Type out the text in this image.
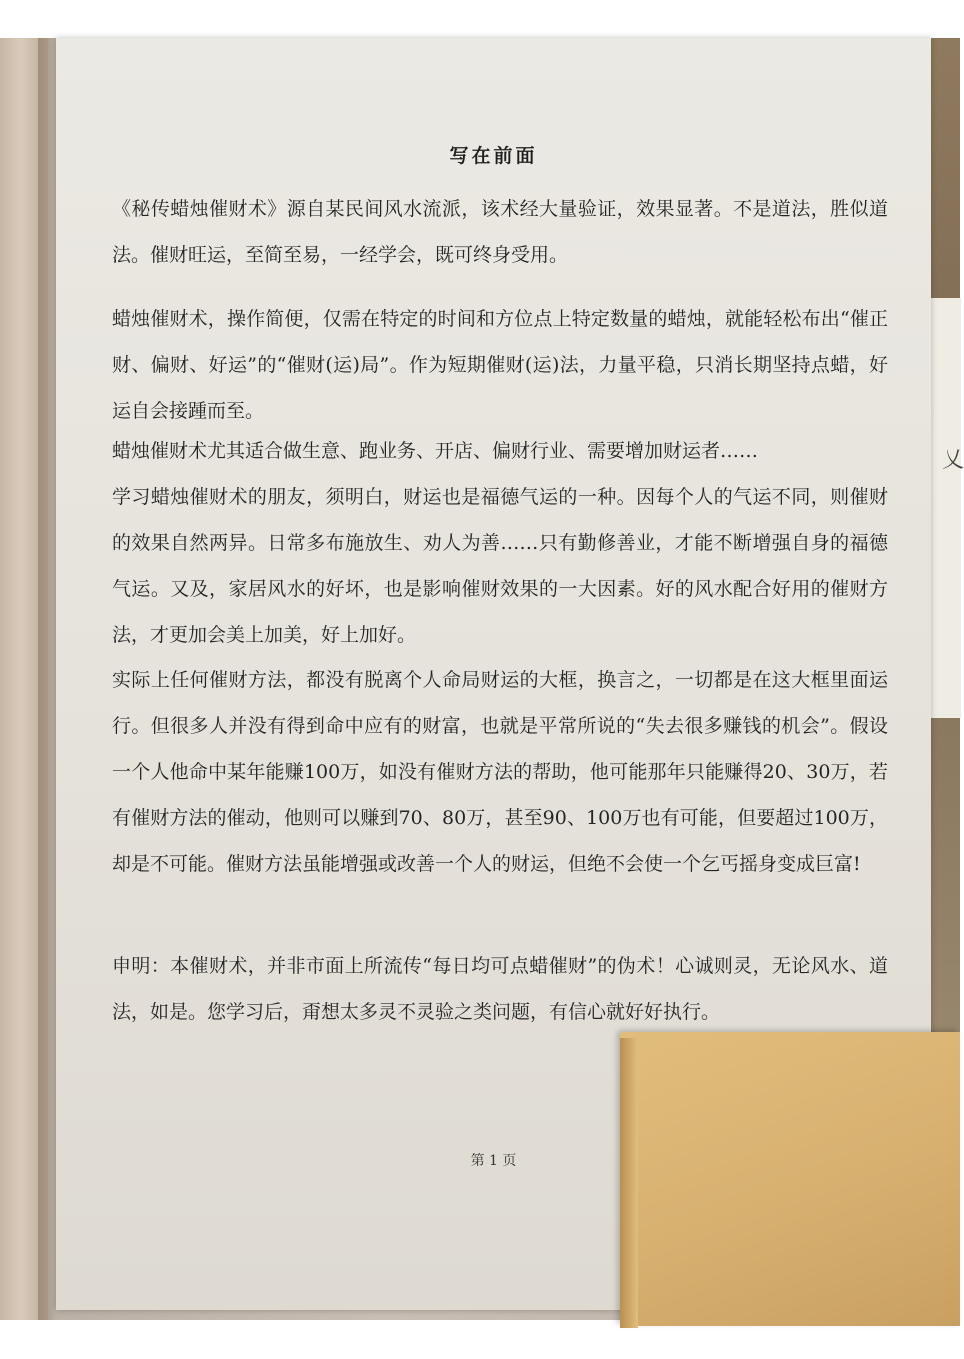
乂
写在前面

《秘传蜡烛催财术》源自某民间风水流派，该术经大量验证，效果显著。不是道法，胜似道法。催财旺运，至简至易，一经学会，既可终身受用。

蜡烛催财术，操作简便，仅需在特定的时间和方位点上特定数量的蜡烛，就能轻松布出“催正财、偏财、好运”的“催财(运)局”。作为短期催财(运)法，力量平稳，只消长期坚持点蜡，好运自会接踵而至。

蜡烛催财术尤其适合做生意、跑业务、开店、偏财行业、需要增加财运者……

学习蜡烛催财术的朋友，须明白，财运也是福德气运的一种。因每个人的气运不同，则催财的效果自然两异。日常多布施放生、劝人为善……只有勤修善业，才能不断增强自身的福德气运。又及，家居风水的好坏，也是影响催财效果的一大因素。好的风水配合好用的催财方法，才更加会美上加美，好上加好。

实际上任何催财方法，都没有脱离个人命局财运的大框，换言之，一切都是在这大框里面运行。但很多人并没有得到命中应有的财富，也就是平常所说的“失去很多赚钱的机会”。假设一个人他命中某年能赚100万，如没有催财方法的帮助，他可能那年只能赚得20、30万，若有催财方法的催动，他则可以赚到70、80万，甚至90、100万也有可能，但要超过100万，却是不可能。催财方法虽能增强或改善一个人的财运，但绝不会使一个乞丐摇身变成巨富!

申明：本催财术，并非市面上所流传“每日均可点蜡催财”的伪术！心诚则灵，无论风水、道法，如是。您学习后，甭想太多灵不灵验之类问题，有信心就好好执行。

第 1 页
